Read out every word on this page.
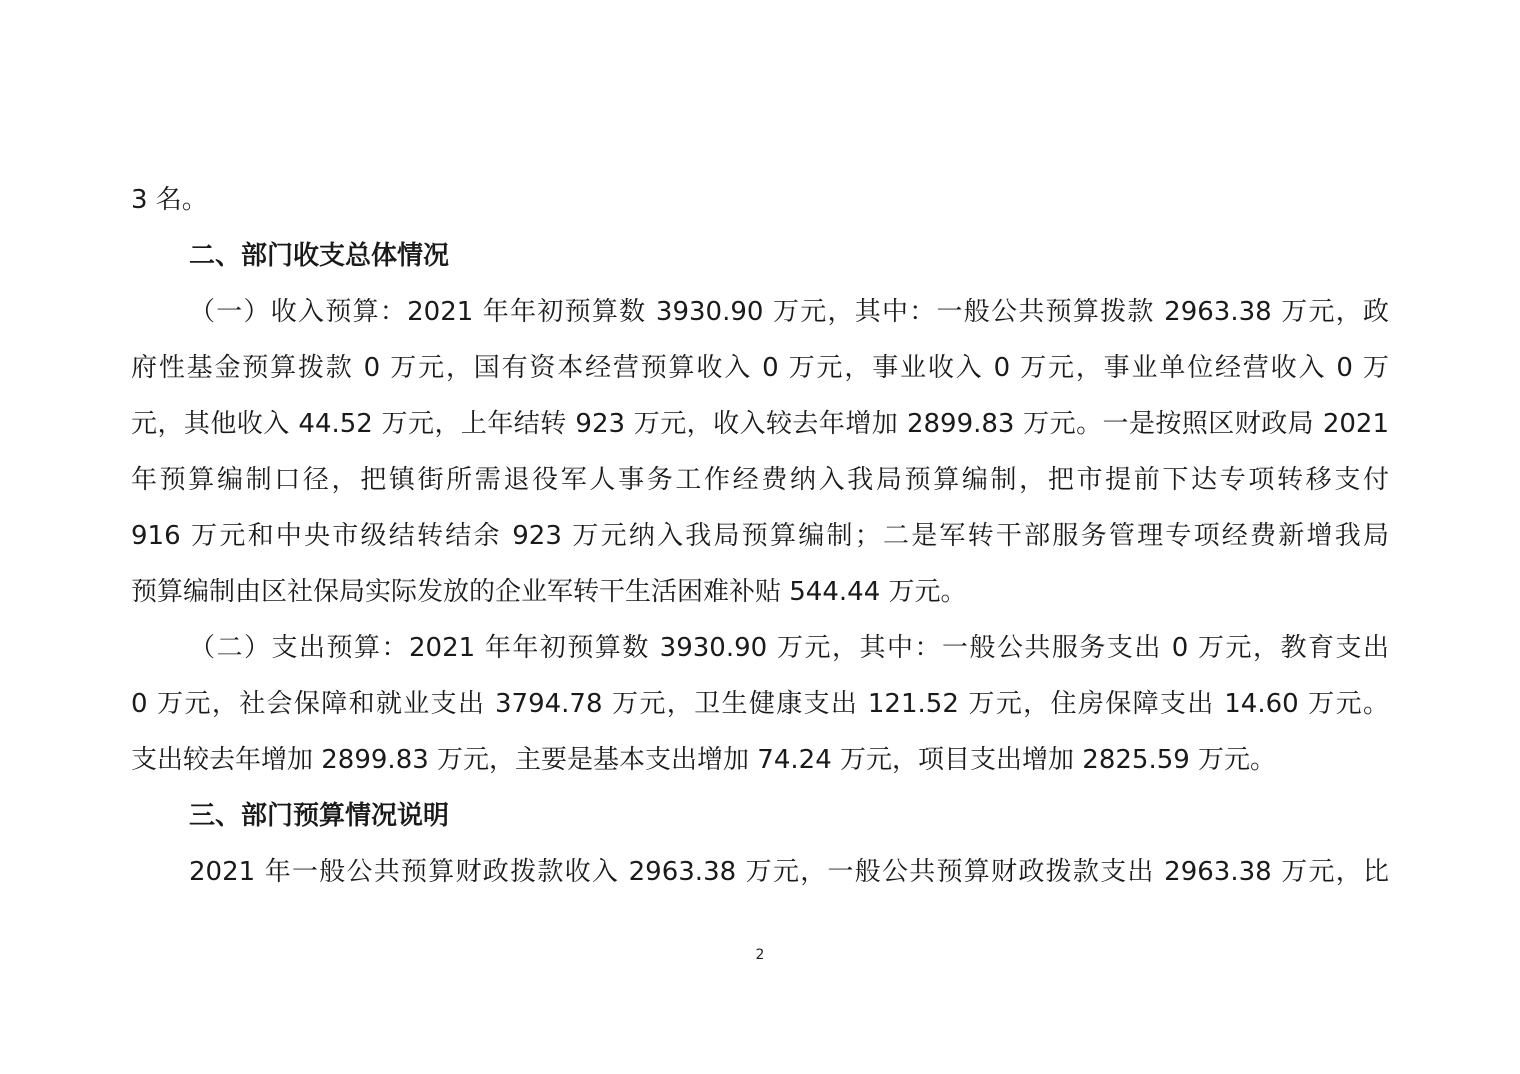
3 名。
二、部门收支总体情况
（一）收入预算：2021 年年初预算数 3930.90 万元，其中：一般公共预算拨款 2963.38 万元，政
府性基金预算拨款 0 万元，国有资本经营预算收入 0 万元，事业收入 0 万元，事业单位经营收入 0 万
元，其他收入 44.52 万元，上年结转 923 万元，收入较去年增加 2899.83 万元。一是按照区财政局 2021
年预算编制口径，把镇街所需退役军人事务工作经费纳入我局预算编制，把市提前下达专项转移支付
916 万元和中央市级结转结余 923 万元纳入我局预算编制；二是军转干部服务管理专项经费新增我局
预算编制由区社保局实际发放的企业军转干生活困难补贴 544.44 万元。
（二）支出预算：2021 年年初预算数 3930.90 万元，其中：一般公共服务支出 0 万元，教育支出
0 万元，社会保障和就业支出 3794.78 万元，卫生健康支出 121.52 万元，住房保障支出 14.60 万元。
支出较去年增加 2899.83 万元，主要是基本支出增加 74.24 万元，项目支出增加 2825.59 万元。
三、部门预算情况说明
2021 年一般公共预算财政拨款收入 2963.38 万元，一般公共预算财政拨款支出 2963.38 万元，比
2
